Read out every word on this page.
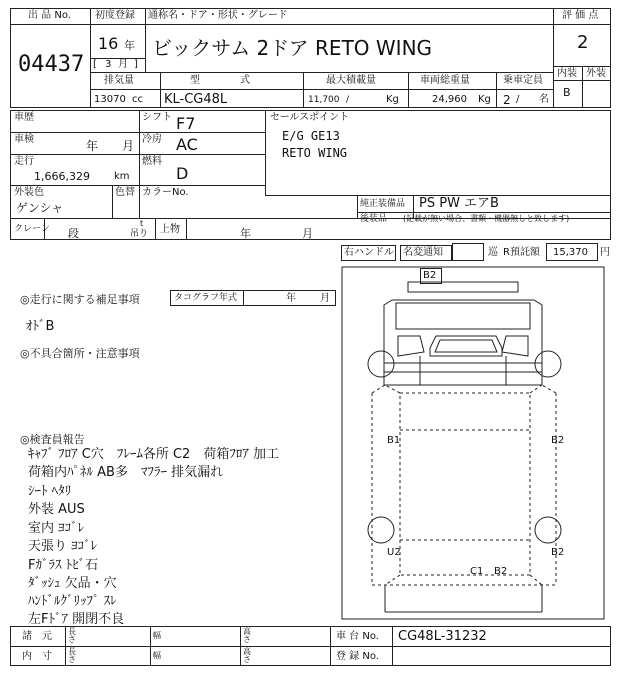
出 品 No.
04437
初度登録 通称名・ドア・形状・グレード
16 年
[ 3 月 ]
ビックサム 2ドア RETO WING
評 価 点
2
内装 外装
B
排気量
13070 cc
型　　　　式
KL-CG48L
最大積載量
11,700 /	Kg
車両総重量
24,960 Kg
乗車定員
2 / 名
車歴	シフト F7
車検	年 月 冷房 AC
走行
1,666,329 km
燃料
D
外装色
ゲンシャ
色替 カラーNo.
クレーン 段
t
吊り 上物	年	月
セールスポイント
E/G GE13
RETO WING
純正装備品 PS PW エアB
後装品 (記載が無い場合、書類・機器無しと致します)
右ハンドル 名変通知	巡 R預託額 15,370 円
◎走行に関する補足事項	タコグラフ年式	年 月
ｵﾄﾞB
◎不具合箇所・注意事項
◎検査員報告
ｷｬﾌﾞ ﾌﾛｱ C穴　ﾌﾚｰﾑ各所 C2　荷箱ﾌﾛｱ 加工
荷箱内ﾊﾟﾈﾙ AB多　ﾏﾌﾗｰ 排気漏れ
ｼｰﾄ ﾍﾀﾘ
外装 AUS
室内 ﾖｺﾞﾚ
天張り ﾖｺﾞﾚ
Fｶﾞﾗｽ ﾄﾋﾞ石
ﾀﾞｯｼｭ 欠品・穴
ﾊﾝﾄﾞﾙｸﾞﾘｯﾌﾟ ｽﾚ
左Fﾄﾞｱ 開閉不良
B2
B1	B2
B2
U2
C1 B2
諸　元
内　寸
長さ
長さ
幅
幅
高さ
高さ
車 台 No. CG48L-31232
登 録 No.
